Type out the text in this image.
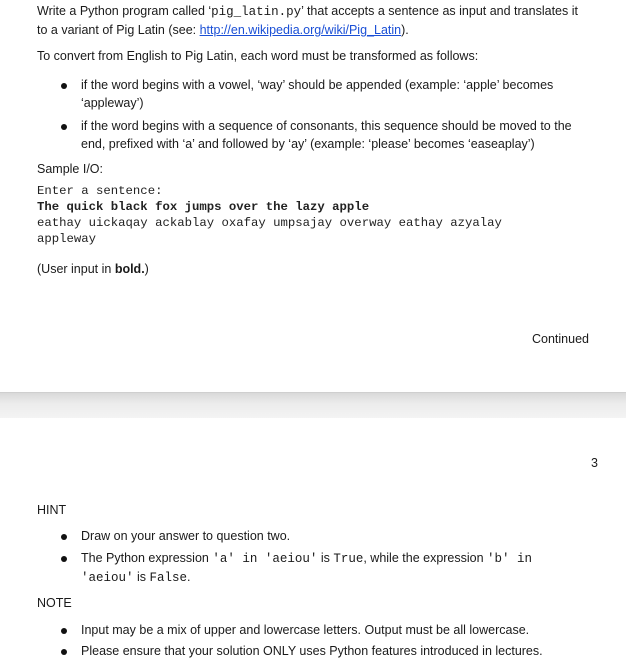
Write a Python program called ‘pig_latin.py’ that accepts a sentence as input and translates it
to a variant of Pig Latin (see: http://en.wikipedia.org/wiki/Pig_Latin).
To convert from English to Pig Latin, each word must be transformed as follows:
if the word begins with a vowel, ‘way’ should be appended (example: ‘apple’ becomes
‘appleway’)
if the word begins with a sequence of consonants, this sequence should be moved to the
end, prefixed with ‘a’ and followed by ‘ay’ (example: ‘please’ becomes ‘easeaplay’)
Sample I/O:
Enter a sentence:
The quick black fox jumps over the lazy apple
eathay uickaqay ackablay oxafay umpsajay overway eathay azyalay
appleway
(User input in bold.)
Continued
3
HINT
Draw on your answer to question two.
The Python expression 'a' in 'aeiou' is True, while the expression 'b' in
'aeiou' is False.
NOTE
Input may be a mix of upper and lowercase letters. Output must be all lowercase.
Please ensure that your solution ONLY uses Python features introduced in lectures.
